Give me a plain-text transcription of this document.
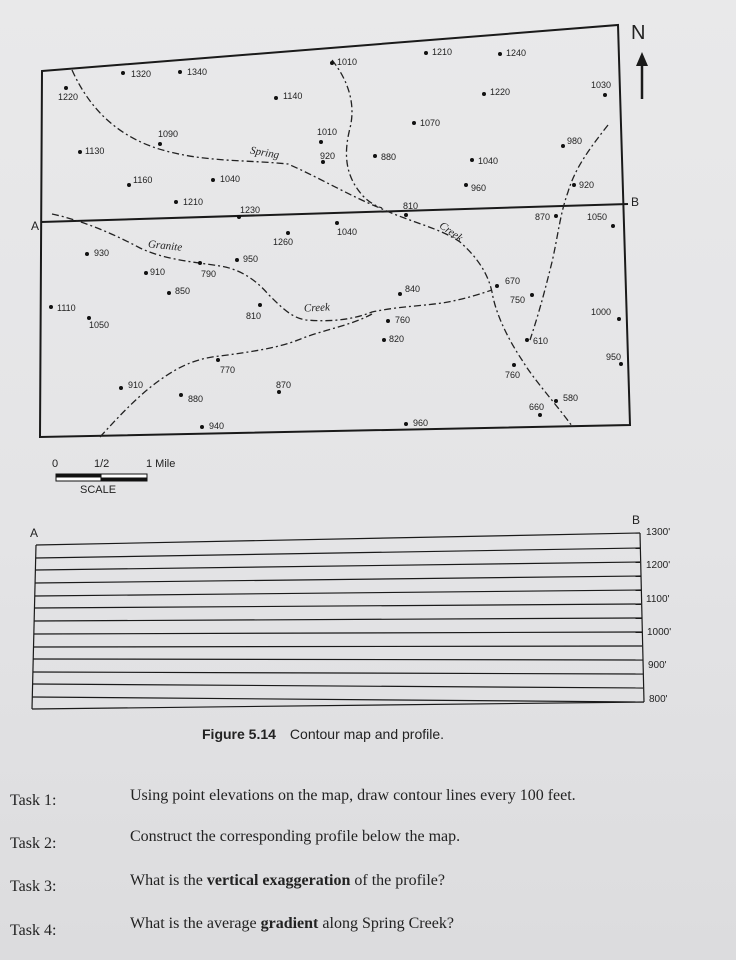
N
A
B
Spring
Creek
Granite
Creek
1320	1340
1220
1010
1210	1240
1030
1140	1220
1090
1070
1010
980
1130	920	880	1040
1160	1040
960	920
1210
1230	810
870	1050
1040
1260
930
950
910	790
850
670
840
750
1110
810	760
1000
1050
820	610
950
770	760
910	870
880	580
660
940	960
0	1/2	1 Mile
SCALE
A
B
1300'
1200'
1100'
1000'
900'
800'
Figure 5.14 Contour map and profile.
Task 1:	Using point elevations on the map, draw contour lines every 100 feet.
Task 2:	Construct the corresponding profile below the map.
Task 3:	What is the vertical exaggeration of the profile?
Task 4:	What is the average gradient along Spring Creek?
